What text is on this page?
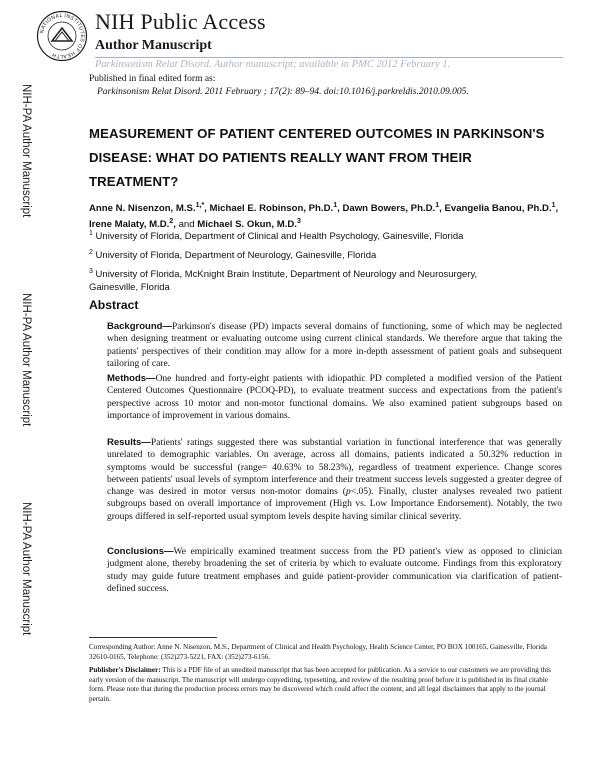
NATIONAL INSTITUTES OF HEALTH
NIH Public Access
Author Manuscript
Parkinsonism Relat Disord. Author manuscript; available in PMC 2012 February 1.
NIH-PA Author Manuscript
NIH-PA Author Manuscript
NIH-PA Author Manuscript
Published in final edited form as:
Parkinsonism Relat Disord. 2011 February ; 17(2): 89–94. doi:10.1016/j.parkreldis.2010.09.005.
MEASUREMENT OF PATIENT CENTERED OUTCOMES IN PARKINSON'S DISEASE: WHAT DO PATIENTS REALLY WANT FROM THEIR TREATMENT?
Anne N. Nisenzon, M.S.$^{1,*}$, Michael E. Robinson, Ph.D.$^1$, Dawn Bowers, Ph.D.$^1$, Evangelia Banou, Ph.D.$^1$, Irene Malaty, M.D.$^2$, and Michael S. Okun, M.D.$^3$
$^1$ University of Florida, Department of Clinical and Health Psychology, Gainesville, Florida
$^2$ University of Florida, Department of Neurology, Gainesville, Florida
$^3$ University of Florida, McKnight Brain Institute, Department of Neurology and Neurosurgery, Gainesville, Florida
Abstract
Background—Parkinson's disease (PD) impacts several domains of functioning, some of which may be neglected when designing treatment or evaluating outcome using current clinical standards. We therefore argue that taking the patients' perspectives of their condition may allow for a more in-depth assessment of patient goals and subsequent tailoring of care.
Methods—One hundred and forty-eight patients with idiopathic PD completed a modified version of the Patient Centered Outcomes Questionnaire (PCOQ-PD), to evaluate treatment success and expectations from the patient's perspective across 10 motor and non-motor functional domains. We also examined patient subgroups based on importance of improvement in various domains.
Results—Patients' ratings suggested there was substantial variation in functional interference that was generally unrelated to demographic variables. On average, across all domains, patients indicated a 50.32% reduction in symptoms would be successful (range= 40.63% to 58.23%), regardless of treatment experience. Change scores between patients' usual levels of symptom interference and their treatment success levels suggested a greater degree of change was desired in motor versus non-motor domains (p<.05). Finally, cluster analyses revealed two patient subgroups based on overall importance of improvement (High vs. Low Importance Endorsement). Notably, the two groups differed in self-reported usual symptom levels despite having similar clinical severity.
Conclusions—We empirically examined treatment success from the PD patient's view as opposed to clinician judgment alone, thereby broadening the set of criteria by which to evaluate outcome. Findings from this exploratory study may guide future treatment emphases and guide patient-provider communication via clarification of patient-defined success.

Corresponding Author: Anne N. Nisenzon, M.S., Department of Clinical and Health Psychology, Health Science Center, PO BOX 100165, Gainesville, Florida 32610-0165, Telephone: (352)273-5221, FAX: (352)273-6156.

Publisher's Disclaimer: This is a PDF file of an unedited manuscript that has been accepted for publication. As a service to our customers we are providing this early version of the manuscript. The manuscript will undergo copyediting, typesetting, and review of the resulting proof before it is published in its final citable form. Please note that during the production process errors may be discovered which could affect the content, and all legal disclaimers that apply to the journal pertain.
